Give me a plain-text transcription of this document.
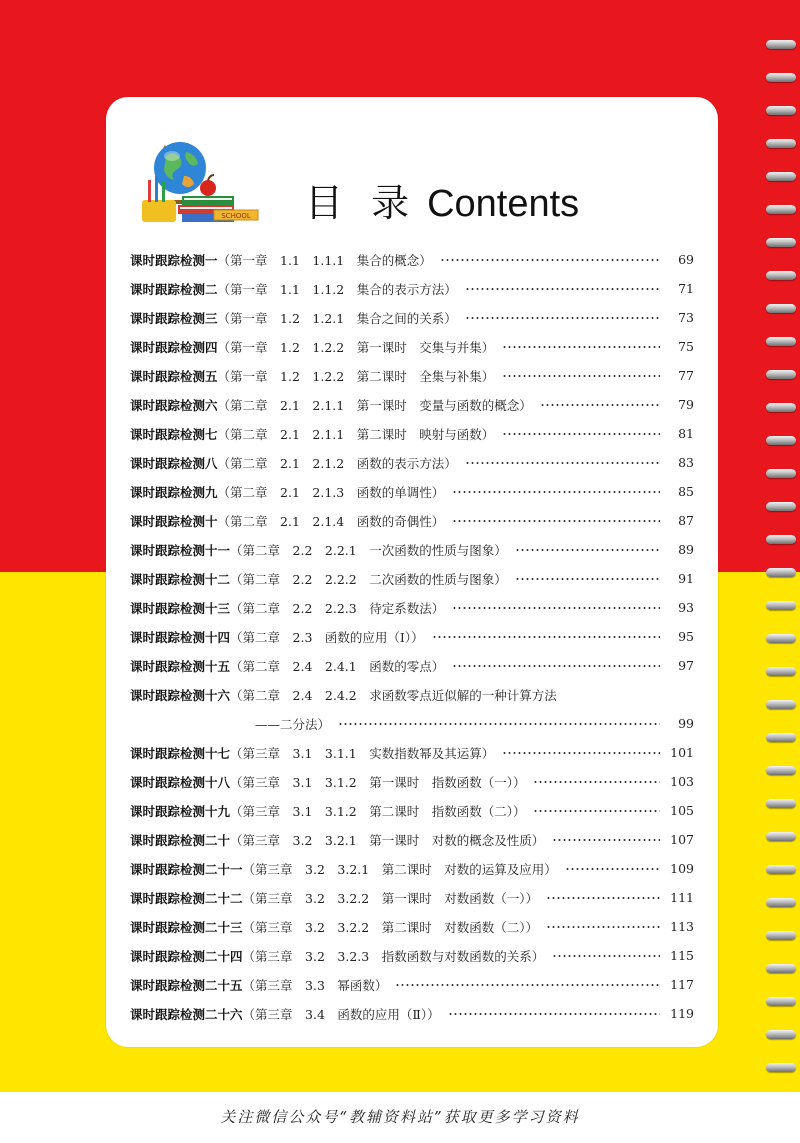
SCHOOL 目 录 Contents
课时跟踪检测一 （第一章　1.1　1.1.1　集合的概念）	69
课时跟踪检测二 （第一章　1.1　1.1.2　集合的表示方法）	71
课时跟踪检测三 （第一章　1.2　1.2.1　集合之间的关系）	73
课时跟踪检测四 （第一章　1.2　1.2.2　第一课时　交集与并集）	75
课时跟踪检测五 （第一章　1.2　1.2.2　第二课时　全集与补集）	77
课时跟踪检测六 （第二章　2.1　2.1.1　第一课时　变量与函数的概念）	79
课时跟踪检测七 （第二章　2.1　2.1.1　第二课时　映射与函数）	81
课时跟踪检测八 （第二章　2.1　2.1.2　函数的表示方法）	83
课时跟踪检测九 （第二章　2.1　2.1.3　函数的单调性）	85
课时跟踪检测十 （第二章　2.1　2.1.4　函数的奇偶性）	87
课时跟踪检测十一 （第二章　2.2　2.2.1　一次函数的性质与图象）	89
课时跟踪检测十二 （第二章　2.2　2.2.2　二次函数的性质与图象）	91
课时跟踪检测十三 （第二章　2.2　2.2.3　待定系数法）	93
课时跟踪检测十四 （第二章　2.3　函数的应用（Ⅰ））	95
课时跟踪检测十五 （第二章　2.4　2.4.1　函数的零点）	97
课时跟踪检测十六 （第二章　2.4　2.4.2　求函数零点近似解的一种计算方法
——二分法）	99
课时跟踪检测十七 （第三章　3.1　3.1.1　实数指数幂及其运算）	101
课时跟踪检测十八 （第三章　3.1　3.1.2　第一课时　指数函数（一））	103
课时跟踪检测十九 （第三章　3.1　3.1.2　第二课时　指数函数（二））	105
课时跟踪检测二十 （第三章　3.2　3.2.1　第一课时　对数的概念及性质）	107
课时跟踪检测二十一 （第三章　3.2　3.2.1　第二课时　对数的运算及应用）	109
课时跟踪检测二十二 （第三章　3.2　3.2.2　第一课时　对数函数（一））	111
课时跟踪检测二十三 （第三章　3.2　3.2.2　第二课时　对数函数（二））	113
课时跟踪检测二十四 （第三章　3.2　3.2.3　指数函数与对数函数的关系）	115
课时跟踪检测二十五 （第三章　3.3　幂函数）	117
课时跟踪检测二十六 （第三章　3.4　函数的应用（Ⅱ））	119
关注微信公众号“教辅资料站”获取更多学习资料
